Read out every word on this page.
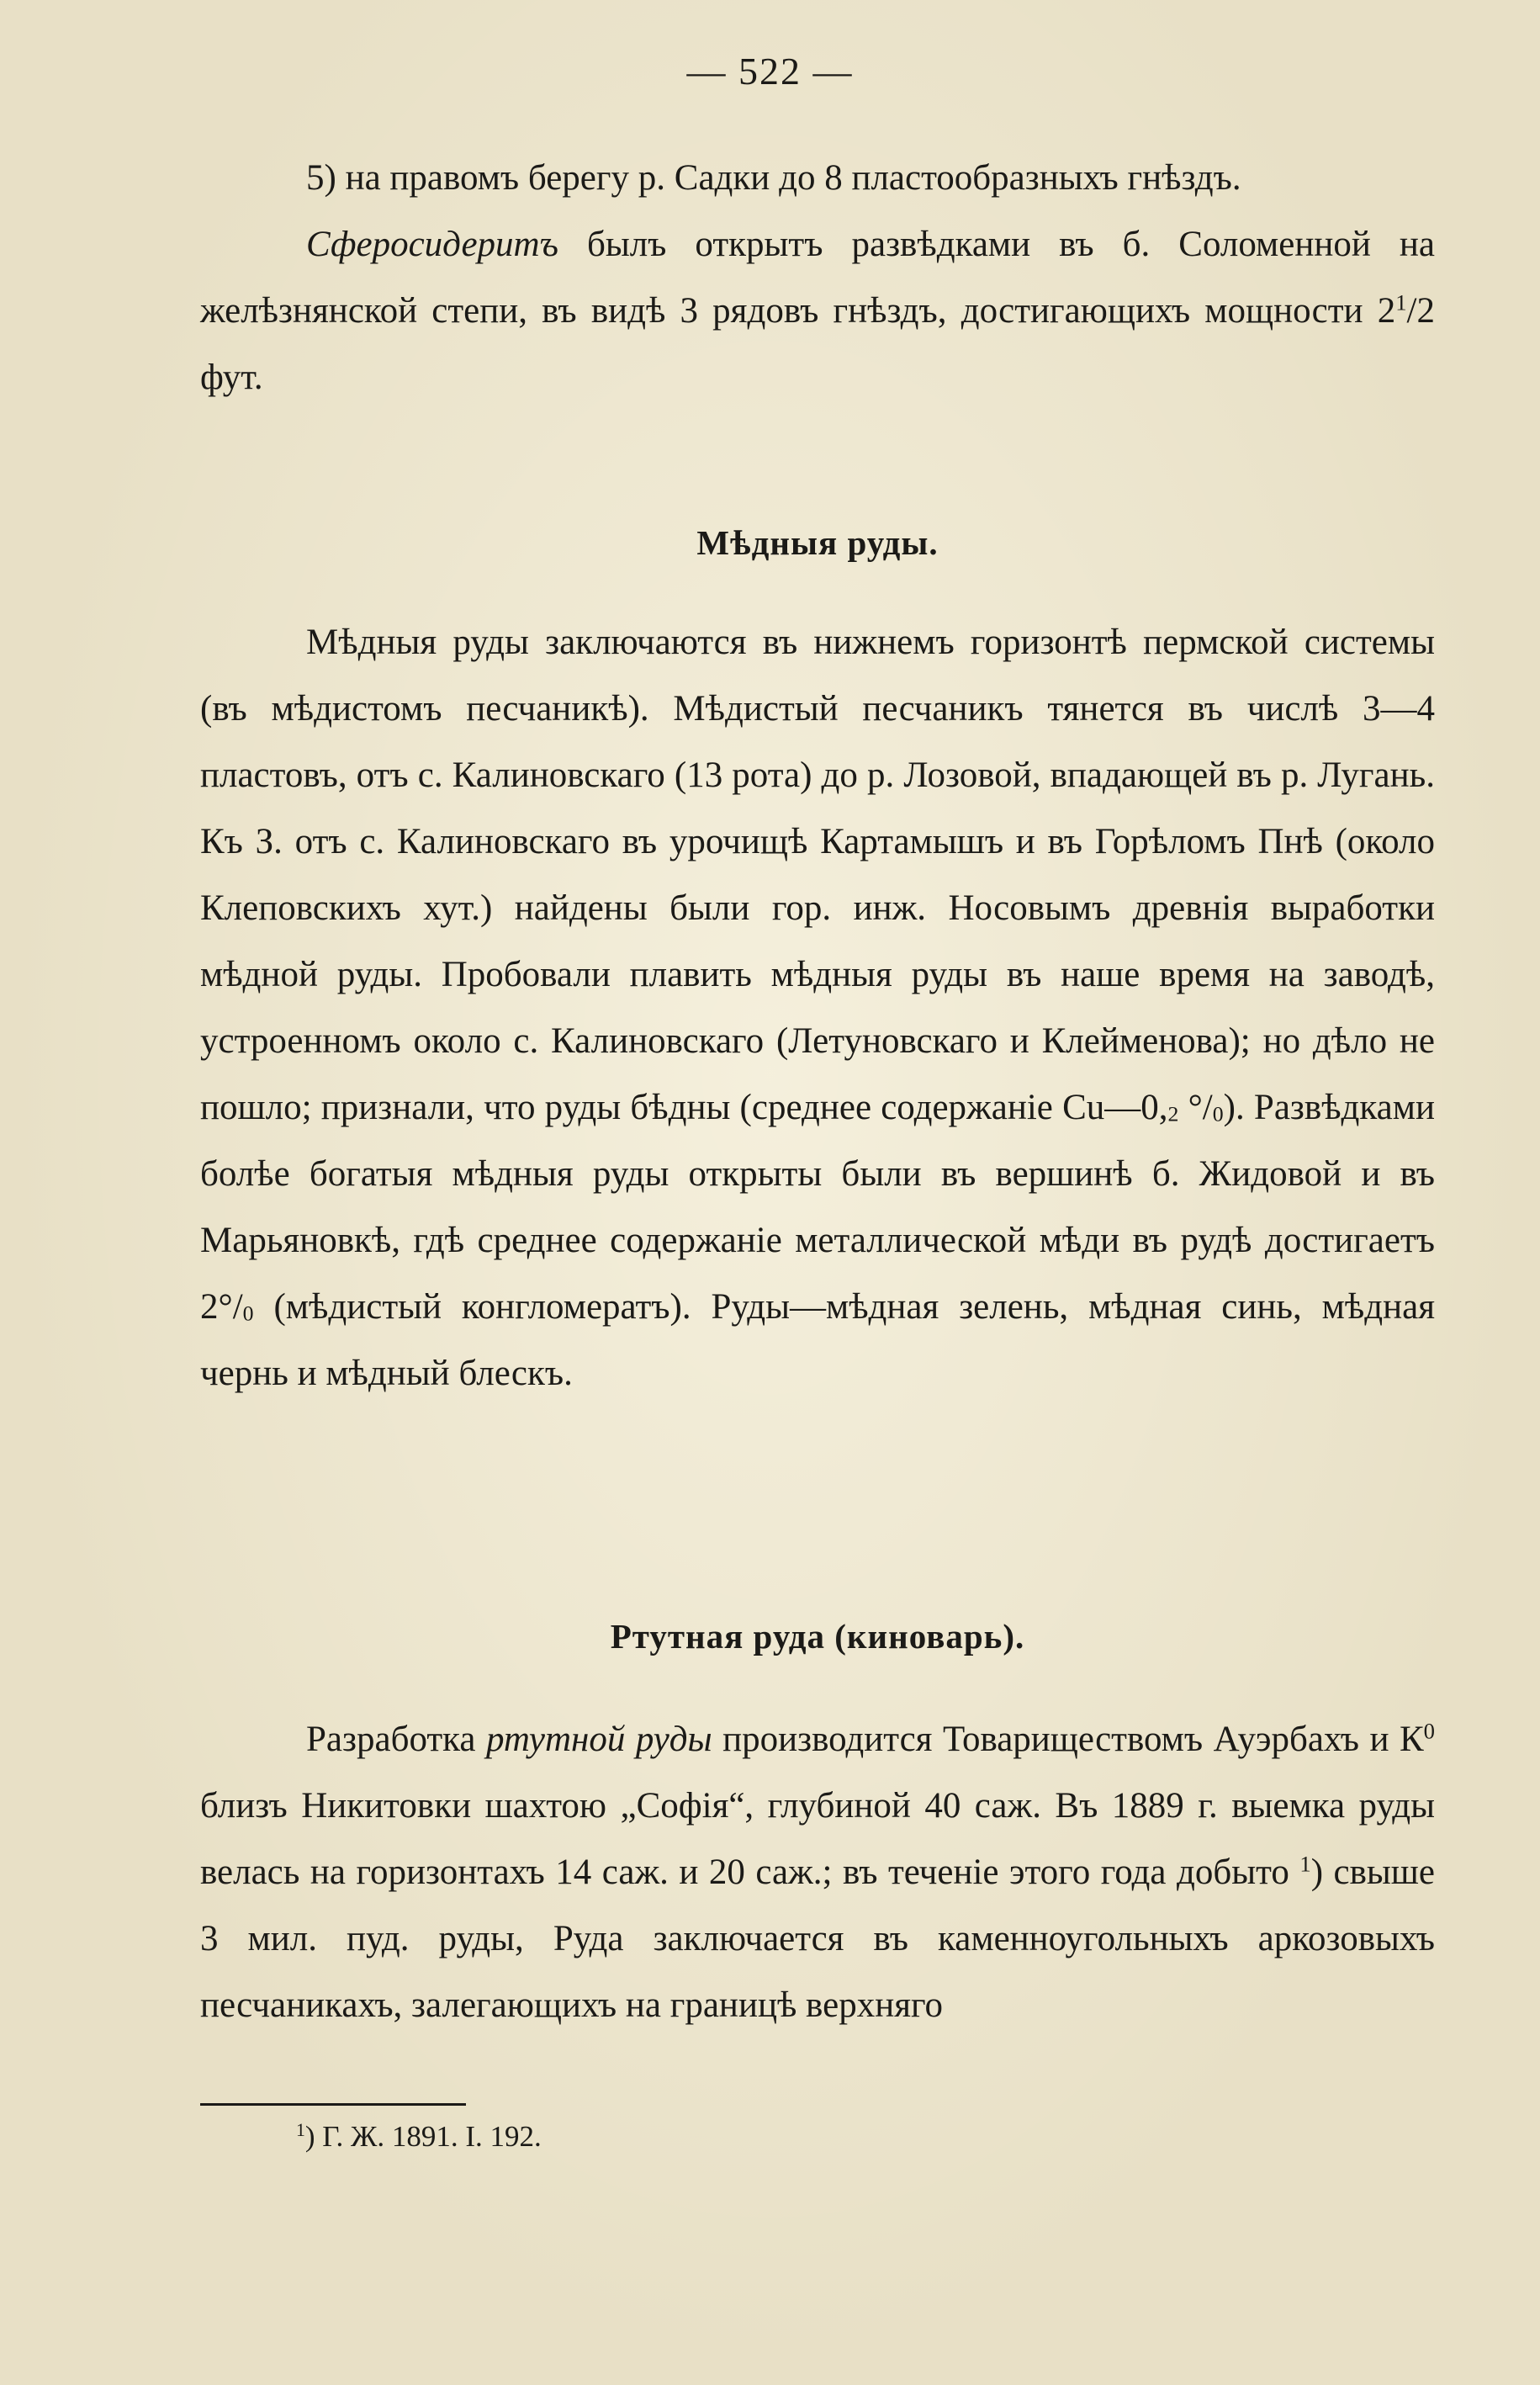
— 522 —

5) на правомъ берегу р. Садки до 8 пластообразныхъ гнѣздъ.

Сферосидеритъ былъ открытъ развѣдками въ б. Соломенной на желѣзнянской степи, въ видѣ 3 рядовъ гнѣздъ, достигающихъ мощности $2^1/2$ фут.

Мѣдныя руды.

Мѣдныя руды заключаются въ нижнемъ горизонтѣ пермской системы (въ мѣдистомъ песчаникѣ). Мѣдистый песчаникъ тянется въ числѣ 3—4 пластовъ, отъ с. Калиновскаго (13 рота) до р. Лозовой, впадающей въ р. Лугань. Къ З. отъ с. Калиновскаго въ урочищѣ Картамышъ и въ Горѣломъ Пнѣ (около Клеповскихъ хут.) найдены были гор. инж. Носовымъ древнія выработки мѣдной руды. Пробовали плавить мѣдныя руды въ наше время на заводѣ, устроенномъ около с. Калиновскаго (Летуновскаго и Клейменова); но дѣло не пошло; признали, что руды бѣдны (среднее содержаніе Cu—0,2 °/0). Развѣдками болѣе богатыя мѣдныя руды открыты были въ вершинѣ б. Жидовой и въ Марьяновкѣ, гдѣ среднее содержаніе металлической мѣди въ рудѣ достигаетъ 2°/0 (мѣдистый конгломератъ). Руды—мѣдная зелень, мѣдная синь, мѣдная чернь и мѣдный блескъ.

Ртутная руда (киноварь).

Разработка ртутной руды производится Товариществомъ Ауэрбахъ и $К^0$ близъ Никитовки шахтою „Софія“, глубиной 40 саж. Въ 1889 г. выемка руды велась на горизонтахъ 14 саж. и 20 саж.; въ теченіе этого года добыто $^1$) свыше 3 мил. пуд. руды, Руда заключается въ каменноугольныхъ аркозовыхъ песчаникахъ, залегающихъ на границѣ верхняго

$^1$) Г. Ж. 1891. I. 192.
